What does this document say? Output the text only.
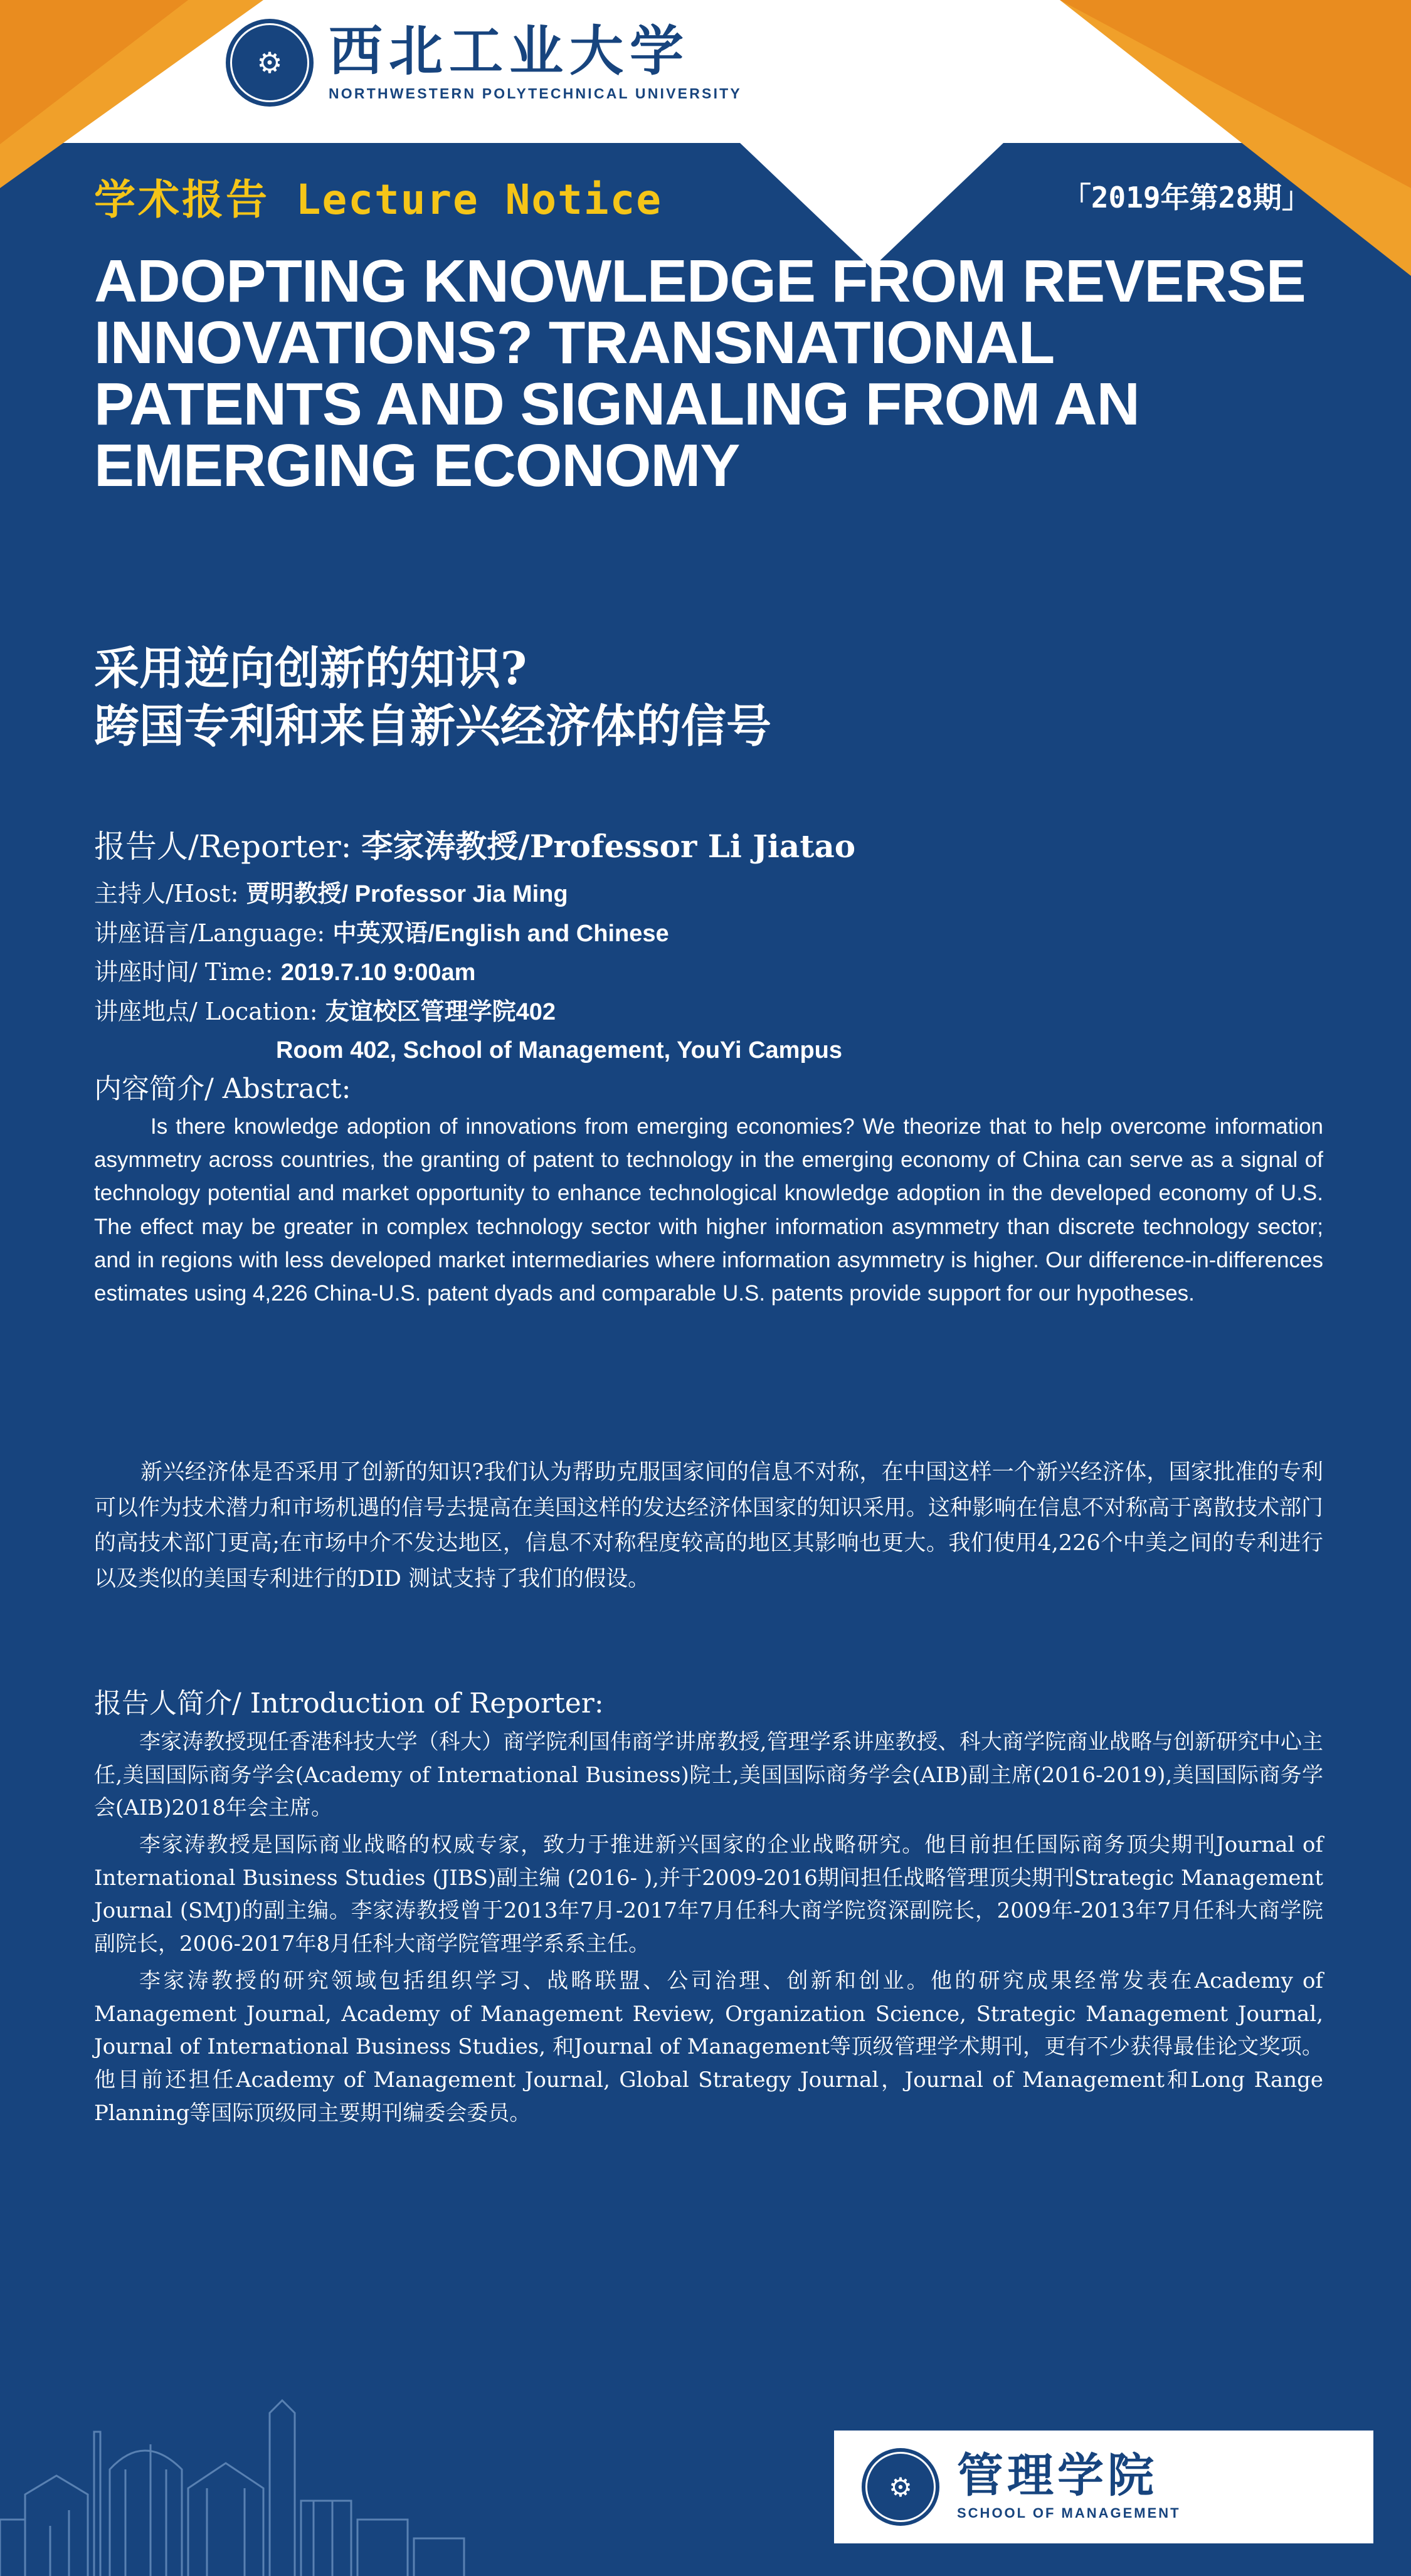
⚙ 西北工业大学
NORTHWESTERN POLYTECHNICAL UNIVERSITY
学术报告 Lecture Notice	「2019年第28期」
ADOPTING KNOWLEDGE FROM REVERSE INNOVATIONS? TRANSNATIONAL PATENTS AND SIGNALING FROM AN EMERGING ECONOMY
采用逆向创新的知识?
跨国专利和来自新兴经济体的信号
报告人/Reporter: 李家涛教授/Professor Li Jiatao
主持人/Host: 贾明教授/ Professor Jia Ming
讲座语言/Language: 中英双语/English and Chinese
讲座时间/ Time: 2019.7.10 9:00am
讲座地点/ Location: 友谊校区管理学院402
Room 402, School of Management, YouYi Campus
内容简介/ Abstract:
Is there knowledge adoption of innovations from emerging economies? We theorize that to help overcome information asymmetry across countries, the granting of patent to technology in the emerging economy of China can serve as a signal of technology potential and market opportunity to enhance technological knowledge adoption in the developed economy of U.S. The effect may be greater in complex technology sector with higher information asymmetry than discrete technology sector; and in regions with less developed market intermediaries where information asymmetry is higher. Our difference-in-differences estimates using 4,226 China-U.S. patent dyads and comparable U.S. patents provide support for our hypotheses.
新兴经济体是否采用了创新的知识?我们认为帮助克服国家间的信息不对称，在中国这样一个新兴经济体，国家批准的专利可以作为技术潜力和市场机遇的信号去提高在美国这样的发达经济体国家的知识采用。这种影响在信息不对称高于离散技术部门的高技术部门更高;在市场中介不发达地区，信息不对称程度较高的地区其影响也更大。我们使用4,226个中美之间的专利进行以及类似的美国专利进行的DID 测试支持了我们的假设。
报告人简介/ Introduction of Reporter:

李家涛教授现任香港科技大学（科大）商学院利国伟商学讲席教授,管理学系讲座教授、科大商学院商业战略与创新研究中心主任,美国国际商务学会(Academy of International Business)院士,美国国际商务学会(AIB)副主席(2016-2019),美国国际商务学会(AIB)2018年会主席。

李家涛教授是国际商业战略的权威专家，致力于推进新兴国家的企业战略研究。他目前担任国际商务顶尖期刊Journal of International Business Studies (JIBS)副主编 (2016- ),并于2009-2016期间担任战略管理顶尖期刊Strategic Management Journal (SMJ)的副主编。李家涛教授曾于2013年7月-2017年7月任科大商学院资深副院长，2009年-2013年7月任科大商学院副院长，2006-2017年8月任科大商学院管理学系系主任。

李家涛教授的研究领域包括组织学习、战略联盟、公司治理、创新和创业。他的研究成果经常发表在Academy of Management Journal, Academy of Management Review, Organization Science, Strategic Management Journal, Journal of International Business Studies, 和Journal of Management等顶级管理学术期刊，更有不少获得最佳论文奖项。他目前还担任Academy of Management Journal, Global Strategy Journal，Journal of Management和Long Range Planning等国际顶级同主要期刊编委会委员。

⚙ 管理学院
SCHOOL OF MANAGEMENT
